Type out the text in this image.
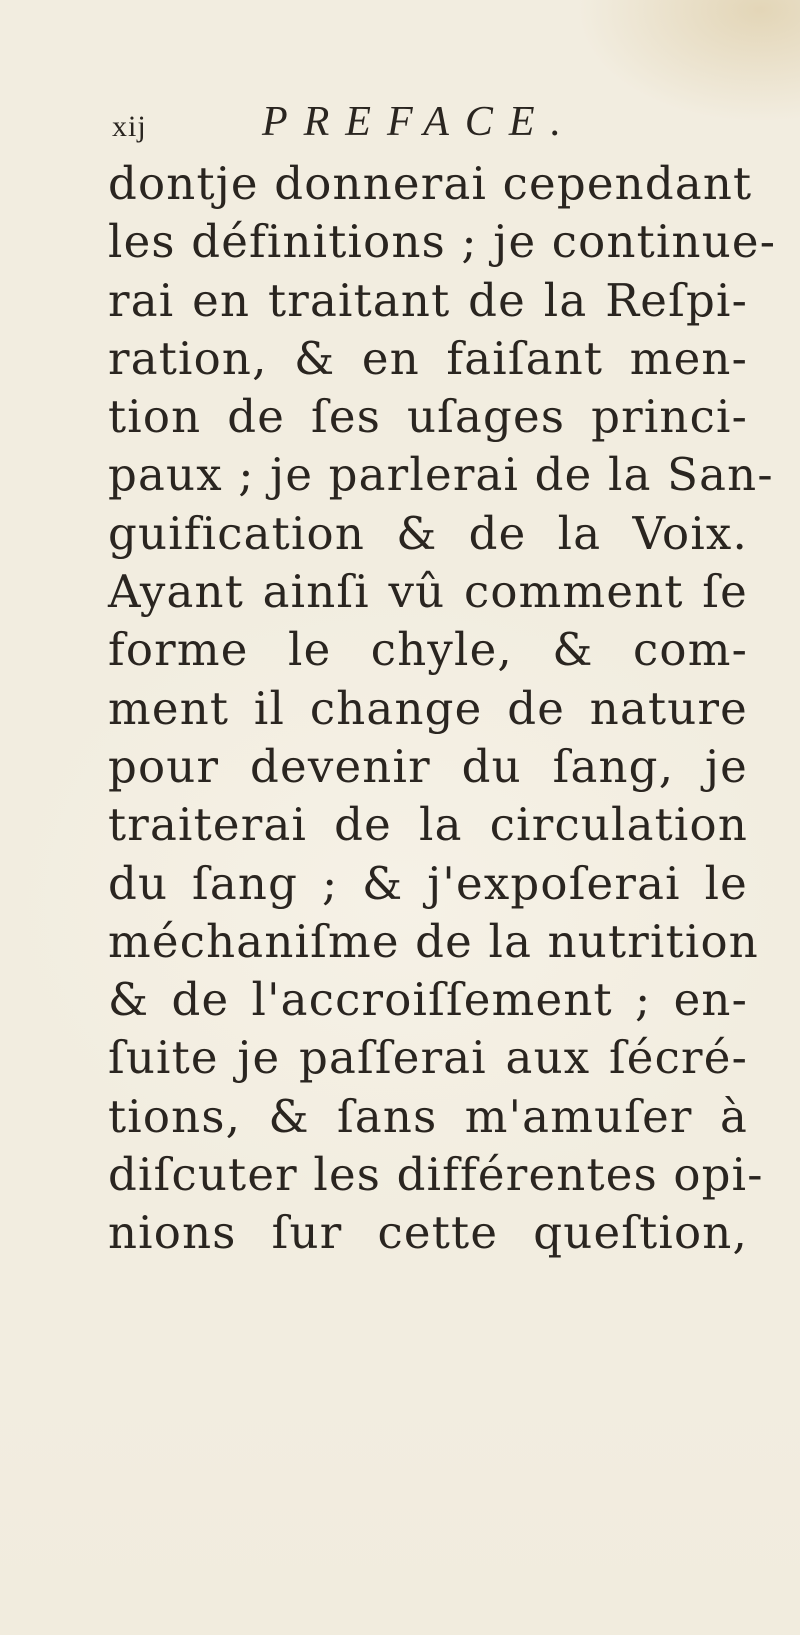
xij	PREFACE.
dontje donnerai cependant
les définitions ; je continue-
rai en traitant de la Reſpi-
ration, & en faiſant men-
tion de ſes uſages princi-
paux ; je parlerai de la San-
guification & de la Voix.
Ayant ainſi vû comment ſe
forme le chyle, & com-
ment il change de nature
pour devenir du ſang, je
traiterai de la circulation
du ſang ; & j'expoſerai le
méchaniſme de la nutrition
& de l'accroiſſement ; en-
ſuite je paſſerai aux ſécré-
tions, & ſans m'amuſer à
diſcuter les différentes opi-
nions ſur cette queſtion,
